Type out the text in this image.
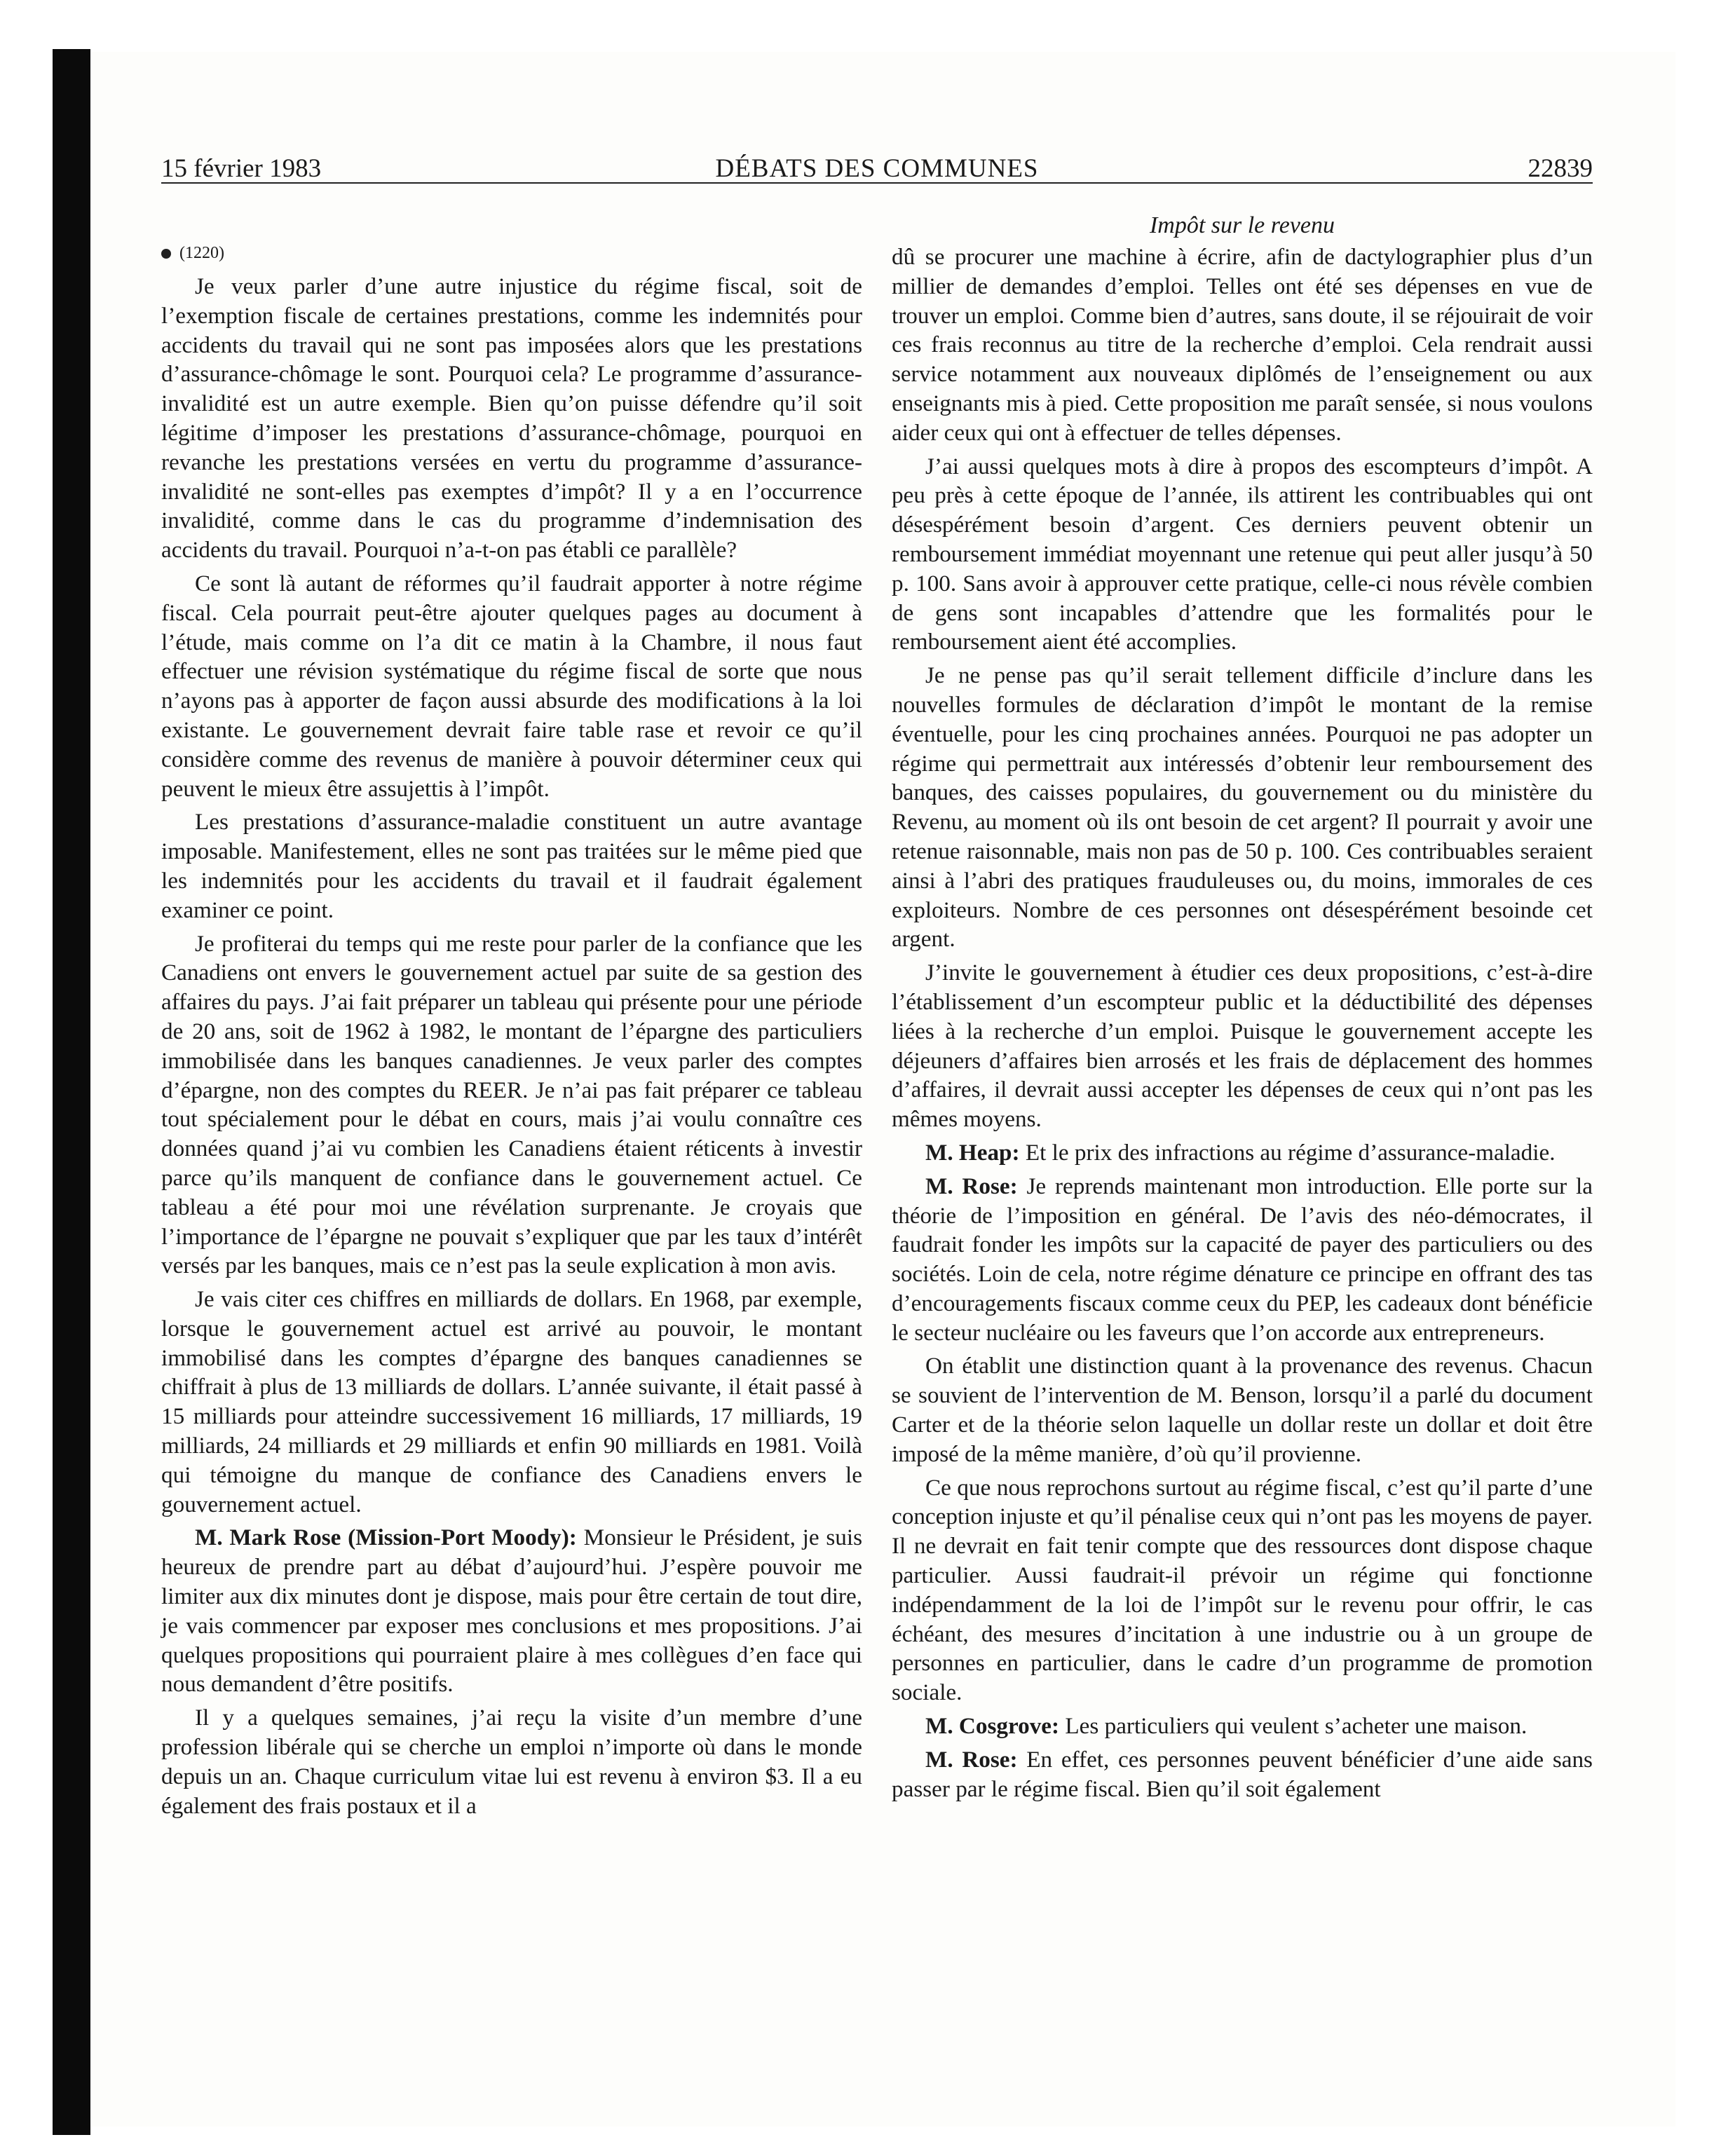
15 février 1983	DÉBATS DES COMMUNES	22839
(1220)

Je veux parler d’une autre injustice du régime fiscal, soit de l’exemption fiscale de certaines prestations, comme les indemnités pour accidents du travail qui ne sont pas imposées alors que les prestations d’assurance-chômage le sont. Pourquoi cela? Le programme d’assurance-invalidité est un autre exemple. Bien qu’on puisse défendre qu’il soit légitime d’imposer les prestations d’assurance-chômage, pourquoi en revanche les prestations versées en vertu du programme d’assurance-invalidité ne sont-elles pas exemptes d’impôt? Il y a en l’occurrence invalidité, comme dans le cas du programme d’indemnisation des accidents du travail. Pourquoi n’a-t-on pas établi ce parallèle?

Ce sont là autant de réformes qu’il faudrait apporter à notre régime fiscal. Cela pourrait peut-être ajouter quelques pages au document à l’étude, mais comme on l’a dit ce matin à la Chambre, il nous faut effectuer une révision systématique du régime fiscal de sorte que nous n’ayons pas à apporter de façon aussi absurde des modifications à la loi existante. Le gouvernement devrait faire table rase et revoir ce qu’il considère comme des revenus de manière à pouvoir déterminer ceux qui peuvent le mieux être assujettis à l’impôt.

Les prestations d’assurance-maladie constituent un autre avantage imposable. Manifestement, elles ne sont pas traitées sur le même pied que les indemnités pour les accidents du travail et il faudrait également examiner ce point.

Je profiterai du temps qui me reste pour parler de la confiance que les Canadiens ont envers le gouvernement actuel par suite de sa gestion des affaires du pays. J’ai fait préparer un tableau qui présente pour une période de 20 ans, soit de 1962 à 1982, le montant de l’épargne des particuliers immobilisée dans les banques canadiennes. Je veux parler des comptes d’épargne, non des comptes du REER. Je n’ai pas fait préparer ce tableau tout spécialement pour le débat en cours, mais j’ai voulu connaître ces données quand j’ai vu combien les Canadiens étaient réticents à investir parce qu’ils manquent de confiance dans le gouvernement actuel. Ce tableau a été pour moi une révélation surprenante. Je croyais que l’importance de l’épargne ne pouvait s’expliquer que par les taux d’intérêt versés par les banques, mais ce n’est pas la seule explication à mon avis.

Je vais citer ces chiffres en milliards de dollars. En 1968, par exemple, lorsque le gouvernement actuel est arrivé au pouvoir, le montant immobilisé dans les comptes d’épargne des banques canadiennes se chiffrait à plus de 13 milliards de dollars. L’année suivante, il était passé à 15 milliards pour atteindre successivement 16 milliards, 17 milliards, 19 milliards, 24 milliards et 29 milliards et enfin 90 milliards en 1981. Voilà qui témoigne du manque de confiance des Canadiens envers le gouvernement actuel.

M. Mark Rose (Mission-Port Moody): Monsieur le Président, je suis heureux de prendre part au débat d’aujourd’hui. J’espère pouvoir me limiter aux dix minutes dont je dispose, mais pour être certain de tout dire, je vais commencer par exposer mes conclusions et mes propositions. J’ai quelques propositions qui pourraient plaire à mes collègues d’en face qui nous demandent d’être positifs.

Il y a quelques semaines, j’ai reçu la visite d’un membre d’une profession libérale qui se cherche un emploi n’importe où dans le monde depuis un an. Chaque curriculum vitae lui est revenu à environ $3. Il a eu également des frais postaux et il a

Impôt sur le revenu

dû se procurer une machine à écrire, afin de dactylographier plus d’un millier de demandes d’emploi. Telles ont été ses dépenses en vue de trouver un emploi. Comme bien d’autres, sans doute, il se réjouirait de voir ces frais reconnus au titre de la recherche d’emploi. Cela rendrait aussi service notamment aux nouveaux diplômés de l’enseignement ou aux enseignants mis à pied. Cette proposition me paraît sensée, si nous voulons aider ceux qui ont à effectuer de telles dépenses.

J’ai aussi quelques mots à dire à propos des escompteurs d’impôt. A peu près à cette époque de l’année, ils attirent les contribuables qui ont désespérément besoin d’argent. Ces derniers peuvent obtenir un remboursement immédiat moyennant une retenue qui peut aller jusqu’à 50 p. 100. Sans avoir à approuver cette pratique, celle-ci nous révèle combien de gens sont incapables d’attendre que les formalités pour le remboursement aient été accomplies.

Je ne pense pas qu’il serait tellement difficile d’inclure dans les nouvelles formules de déclaration d’impôt le montant de la remise éventuelle, pour les cinq prochaines années. Pourquoi ne pas adopter un régime qui permettrait aux intéressés d’obtenir leur remboursement des banques, des caisses populaires, du gouvernement ou du ministère du Revenu, au moment où ils ont besoin de cet argent? Il pourrait y avoir une retenue raisonnable, mais non pas de 50 p. 100. Ces contribuables seraient ainsi à l’abri des pratiques frauduleuses ou, du moins, immorales de ces exploiteurs. Nombre de ces personnes ont désespérément besoinde cet argent.

J’invite le gouvernement à étudier ces deux propositions, c’est-à-dire l’établissement d’un escompteur public et la déductibilité des dépenses liées à la recherche d’un emploi. Puisque le gouvernement accepte les déjeuners d’affaires bien arrosés et les frais de déplacement des hommes d’affaires, il devrait aussi accepter les dépenses de ceux qui n’ont pas les mêmes moyens.

M. Heap: Et le prix des infractions au régime d’assurance-maladie.

M. Rose: Je reprends maintenant mon introduction. Elle porte sur la théorie de l’imposition en général. De l’avis des néo-démocrates, il faudrait fonder les impôts sur la capacité de payer des particuliers ou des sociétés. Loin de cela, notre régime dénature ce principe en offrant des tas d’encouragements fiscaux comme ceux du PEP, les cadeaux dont bénéficie le secteur nucléaire ou les faveurs que l’on accorde aux entrepreneurs.

On établit une distinction quant à la provenance des revenus. Chacun se souvient de l’intervention de M. Benson, lorsqu’il a parlé du document Carter et de la théorie selon laquelle un dollar reste un dollar et doit être imposé de la même manière, d’où qu’il provienne.

Ce que nous reprochons surtout au régime fiscal, c’est qu’il parte d’une conception injuste et qu’il pénalise ceux qui n’ont pas les moyens de payer. Il ne devrait en fait tenir compte que des ressources dont dispose chaque particulier. Aussi faudrait-il prévoir un régime qui fonctionne indépendamment de la loi de l’impôt sur le revenu pour offrir, le cas échéant, des mesures d’incitation à une industrie ou à un groupe de personnes en particulier, dans le cadre d’un programme de promotion sociale.

M. Cosgrove: Les particuliers qui veulent s’acheter une maison.

M. Rose: En effet, ces personnes peuvent bénéficier d’une aide sans passer par le régime fiscal. Bien qu’il soit également
